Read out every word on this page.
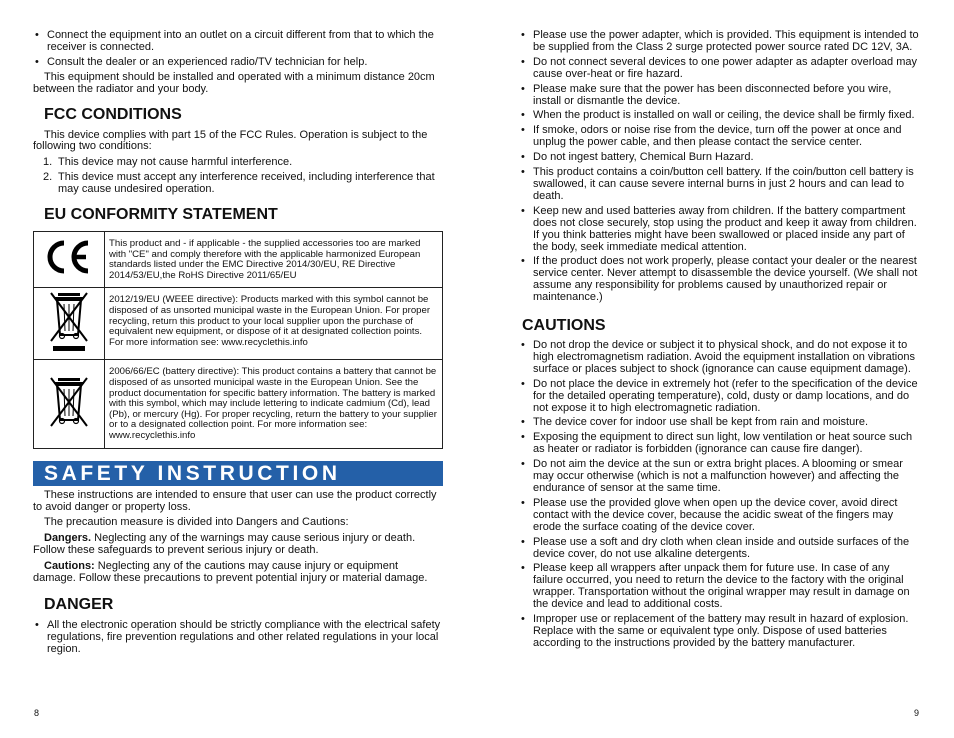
• Connect the equipment into an outlet on a circuit different from that to which the receiver is connected.
• Consult the dealer or an experienced radio/TV technician for help.

This equipment should be installed and operated with a minimum distance 20cm between the radiator and your body.

FCC CONDITIONS

This device complies with part 15 of the FCC Rules. Operation is subject to the following two conditions:

1. This device may not cause harmful interference.
2. This device must accept any interference received, including interference that may cause undesired operation.
EU CONFORMITY STATEMENT
	This product and - if applicable - the supplied accessories too are marked with "CE" and comply therefore with the applicable harmonized European standards listed under the EMC Directive 2014/30/EU, RE Directive 2014/53/EU,the RoHS Directive 2011/65/EU
	2012/19/EU (WEEE directive): Products marked with this symbol cannot be disposed of as unsorted municipal waste in the European Union. For proper recycling, return this product to your local supplier upon the purchase of equivalent new equipment, or dispose of it at designated collection points. For more information see: www.recyclethis.info
	2006/66/EC (battery directive): This product contains a battery that cannot be disposed of as unsorted municipal waste in the European Union. See the product documentation for specific battery information. The battery is marked with this symbol, which may include lettering to indicate cadmium (Cd), lead (Pb), or mercury (Hg). For proper recycling, return the battery to your supplier or to a designated collection point. For more information see: www.recyclethis.info
SAFETY INSTRUCTION

These instructions are intended to ensure that user can use the product correctly to avoid danger or property loss.

The precaution measure is divided into Dangers and Cautions:

Dangers. Neglecting any of the warnings may cause serious injury or death. Follow these safeguards to prevent serious injury or death.

Cautions: Neglecting any of the cautions may cause injury or equipment damage. Follow these precautions to prevent potential injury or material damage.

DANGER
• All the electronic operation should be strictly compliance with the electrical safety regulations, fire prevention regulations and other related regulations in your local region.
8
• Please use the power adapter, which is provided. This equipment is intended to be supplied from the Class 2 surge protected power source rated DC 12V, 3A.
• Do not connect several devices to one power adapter as adapter overload may cause over-heat or fire hazard.
• Please make sure that the power has been disconnected before you wire, install or dismantle the device.
• When the product is installed on wall or ceiling, the device shall be firmly fixed.
• If smoke, odors or noise rise from the device, turn off the power at once and unplug the power cable, and then please contact the service center.
• Do not ingest battery, Chemical Burn Hazard.
• This product contains a coin/button cell battery. If the coin/button cell battery is swallowed, it can cause severe internal burns in just 2 hours and can lead to death.
• Keep new and used batteries away from children. If the battery compartment does not close securely, stop using the product and keep it away from children. If you think batteries might have been swallowed or placed inside any part of the body, seek immediate medical attention.
• If the product does not work properly, please contact your dealer or the nearest service center. Never attempt to disassemble the device yourself. (We shall not assume any responsibility for problems caused by unauthorized repair or maintenance.)
CAUTIONS
• Do not drop the device or subject it to physical shock, and do not expose it to high electromagnetism radiation. Avoid the equipment installation on vibrations surface or places subject to shock (ignorance can cause equipment damage).
• Do not place the device in extremely hot (refer to the specification of the device for the detailed operating temperature), cold, dusty or damp locations, and do not expose it to high electromagnetic radiation.
• The device cover for indoor use shall be kept from rain and moisture.
• Exposing the equipment to direct sun light, low ventilation or heat source such as heater or radiator is forbidden (ignorance can cause fire danger).
• Do not aim the device at the sun or extra bright places. A blooming or smear may occur otherwise (which is not a malfunction however) and affecting the endurance of sensor at the same time.
• Please use the provided glove when open up the device cover, avoid direct contact with the device cover, because the acidic sweat of the fingers may erode the surface coating of the device cover.
• Please use a soft and dry cloth when clean inside and outside surfaces of the device cover, do not use alkaline detergents.
• Please keep all wrappers after unpack them for future use. In case of any failure occurred, you need to return the device to the factory with the original wrapper. Transportation without the original wrapper may result in damage on the device and lead to additional costs.
• Improper use or replacement of the battery may result in hazard of explosion. Replace with the same or equivalent type only. Dispose of used batteries according to the instructions provided by the battery manufacturer.
9
